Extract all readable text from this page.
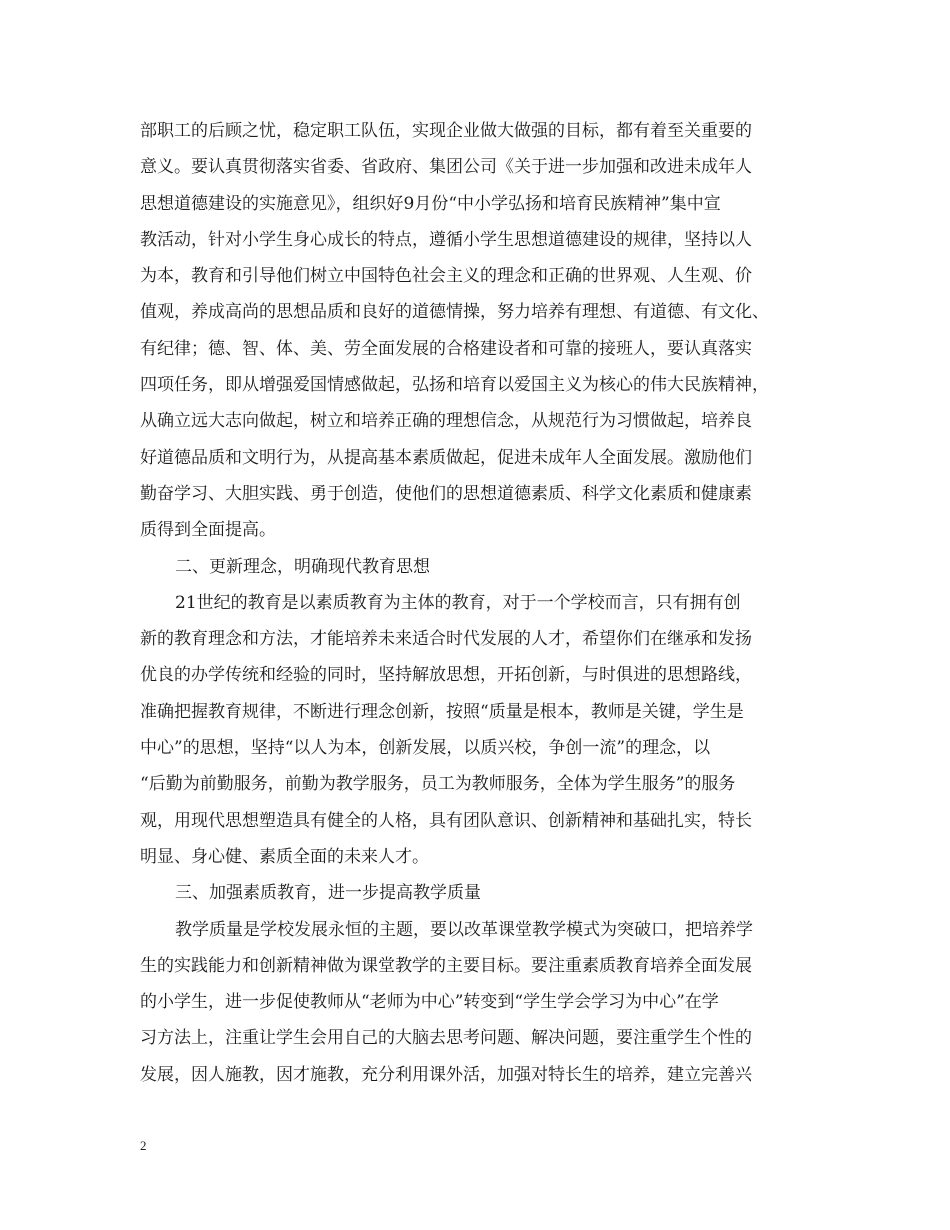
部职工的后顾之忧，稳定职工队伍，实现企业做大做强的目标，都有着至关重要的
意义。要认真贯彻落实省委、省政府、集团公司《关于进一步加强和改进未成年人
思想道德建设的实施意见》，组织好9月份“中小学弘扬和培育民族精神”集中宣
教活动，针对小学生身心成长的特点，遵循小学生思想道德建设的规律，坚持以人
为本，教育和引导他们树立中国特色社会主义的理念和正确的世界观、人生观、价
值观，养成高尚的思想品质和良好的道德情操，努力培养有理想、有道德、有文化、
有纪律；德、智、体、美、劳全面发展的合格建设者和可靠的接班人，要认真落实
四项任务，即从增强爱国情感做起，弘扬和培育以爱国主义为核心的伟大民族精神，
从确立远大志向做起，树立和培养正确的理想信念，从规范行为习惯做起，培养良
好道德品质和文明行为，从提高基本素质做起，促进未成年人全面发展。激励他们
勤奋学习、大胆实践、勇于创造，使他们的思想道德素质、科学文化素质和健康素
质得到全面提高。
二、更新理念，明确现代教育思想
21世纪的教育是以素质教育为主体的教育，对于一个学校而言，只有拥有创
新的教育理念和方法，才能培养未来适合时代发展的人才，希望你们在继承和发扬
优良的办学传统和经验的同时，坚持解放思想，开拓创新，与时俱进的思想路线，
准确把握教育规律，不断进行理念创新，按照“质量是根本，教师是关键，学生是
中心”的思想，坚持“以人为本，创新发展，以质兴校，争创一流”的理念，以
“后勤为前勤服务，前勤为教学服务，员工为教师服务，全体为学生服务”的服务
观，用现代思想塑造具有健全的人格，具有团队意识、创新精神和基础扎实，特长
明显、身心健、素质全面的未来人才。
三、加强素质教育，进一步提高教学质量
教学质量是学校发展永恒的主题，要以改革课堂教学模式为突破口，把培养学
生的实践能力和创新精神做为课堂教学的主要目标。要注重素质教育培养全面发展
的小学生，进一步促使教师从“老师为中心”转变到“学生学会学习为中心”在学
习方法上，注重让学生会用自己的大脑去思考问题、解决问题，要注重学生个性的
发展，因人施教，因才施教，充分利用课外活，加强对特长生的培养，建立完善兴
2
